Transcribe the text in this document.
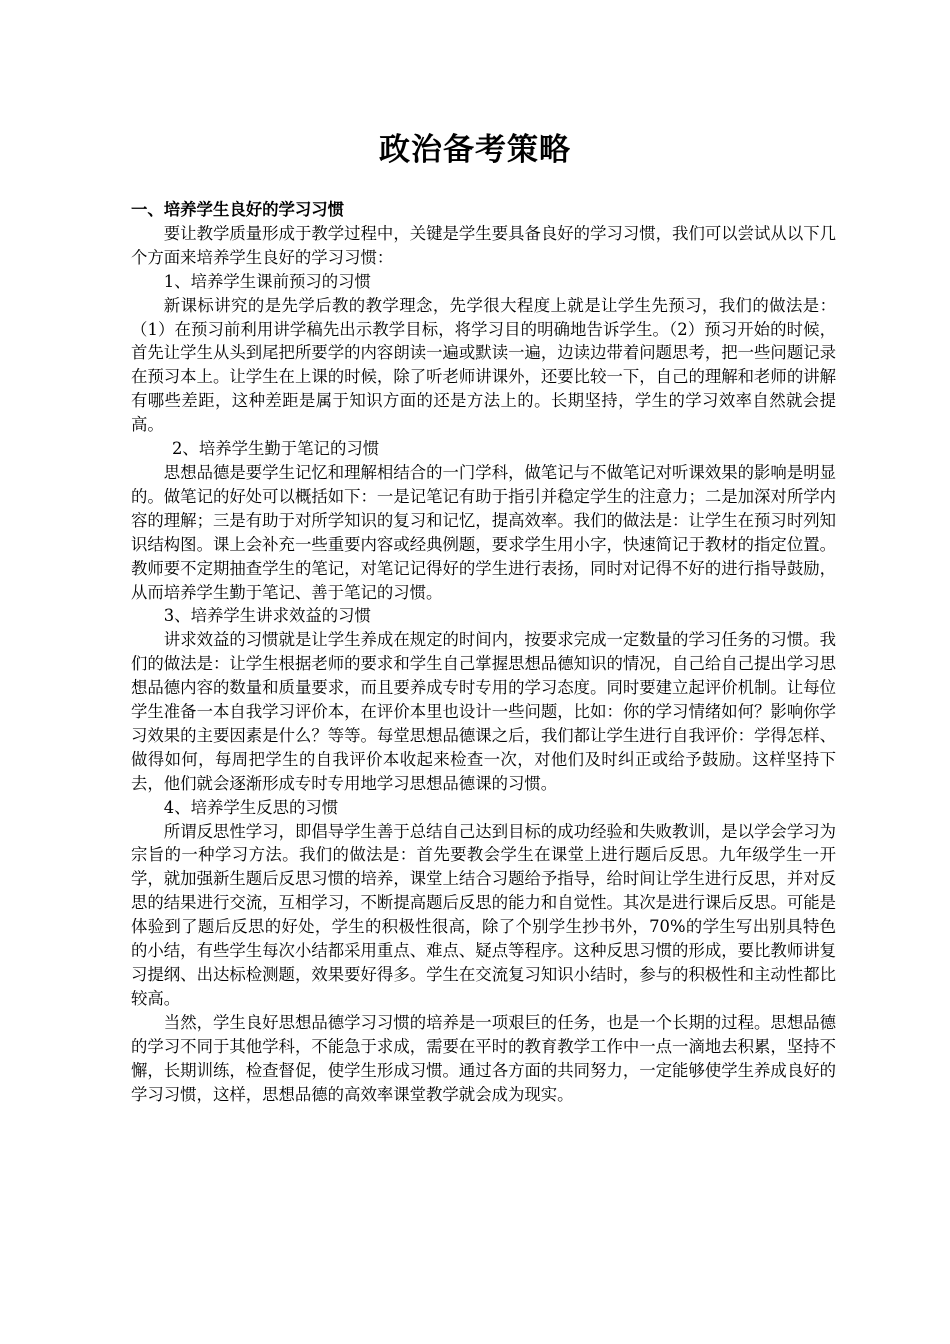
政治备考策略

一、培养学生良好的学习习惯

要让教学质量形成于教学过程中，关键是学生要具备良好的学习习惯，我们可以尝试从以下几个方面来培养学生良好的学习习惯：

1、培养学生课前预习的习惯

新课标讲究的是先学后教的教学理念，先学很大程度上就是让学生先预习，我们的做法是：（1）在预习前利用讲学稿先出示教学目标，将学习目的明确地告诉学生。（2）预习开始的时候，首先让学生从头到尾把所要学的内容朗读一遍或默读一遍，边读边带着问题思考，把一些问题记录在预习本上。让学生在上课的时候，除了听老师讲课外，还要比较一下，自己的理解和老师的讲解有哪些差距，这种差距是属于知识方面的还是方法上的。长期坚持，学生的学习效率自然就会提高。

2、培养学生勤于笔记的习惯

思想品德是要学生记忆和理解相结合的一门学科，做笔记与不做笔记对听课效果的影响是明显的。做笔记的好处可以概括如下：一是记笔记有助于指引并稳定学生的注意力；二是加深对所学内容的理解；三是有助于对所学知识的复习和记忆，提高效率。我们的做法是：让学生在预习时列知识结构图。课上会补充一些重要内容或经典例题，要求学生用小字，快速简记于教材的指定位置。教师要不定期抽查学生的笔记，对笔记记得好的学生进行表扬，同时对记得不好的进行指导鼓励，从而培养学生勤于笔记、善于笔记的习惯。

3、培养学生讲求效益的习惯

讲求效益的习惯就是让学生养成在规定的时间内，按要求完成一定数量的学习任务的习惯。我们的做法是：让学生根据老师的要求和学生自己掌握思想品德知识的情况，自己给自己提出学习思想品德内容的数量和质量要求，而且要养成专时专用的学习态度。同时要建立起评价机制。让每位学生准备一本自我学习评价本，在评价本里也设计一些问题，比如：你的学习情绪如何？影响你学习效果的主要因素是什么？等等。每堂思想品德课之后，我们都让学生进行自我评价：学得怎样、做得如何，每周把学生的自我评价本收起来检查一次，对他们及时纠正或给予鼓励。这样坚持下去，他们就会逐渐形成专时专用地学习思想品德课的习惯。

4、培养学生反思的习惯

所谓反思性学习，即倡导学生善于总结自己达到目标的成功经验和失败教训，是以学会学习为宗旨的一种学习方法。我们的做法是：首先要教会学生在课堂上进行题后反思。九年级学生一开学，就加强新生题后反思习惯的培养，课堂上结合习题给予指导，给时间让学生进行反思，并对反思的结果进行交流，互相学习，不断提高题后反思的能力和自觉性。其次是进行课后反思。可能是体验到了题后反思的好处，学生的积极性很高，除了个别学生抄书外，70%的学生写出别具特色的小结，有些学生每次小结都采用重点、难点、疑点等程序。这种反思习惯的形成，要比教师讲复习提纲、出达标检测题，效果要好得多。学生在交流复习知识小结时，参与的积极性和主动性都比较高。

当然，学生良好思想品德学习习惯的培养是一项艰巨的任务，也是一个长期的过程。思想品德的学习不同于其他学科，不能急于求成，需要在平时的教育教学工作中一点一滴地去积累，坚持不懈，长期训练，检查督促，使学生形成习惯。通过各方面的共同努力，一定能够使学生养成良好的学习习惯，这样，思想品德的高效率课堂教学就会成为现实。
